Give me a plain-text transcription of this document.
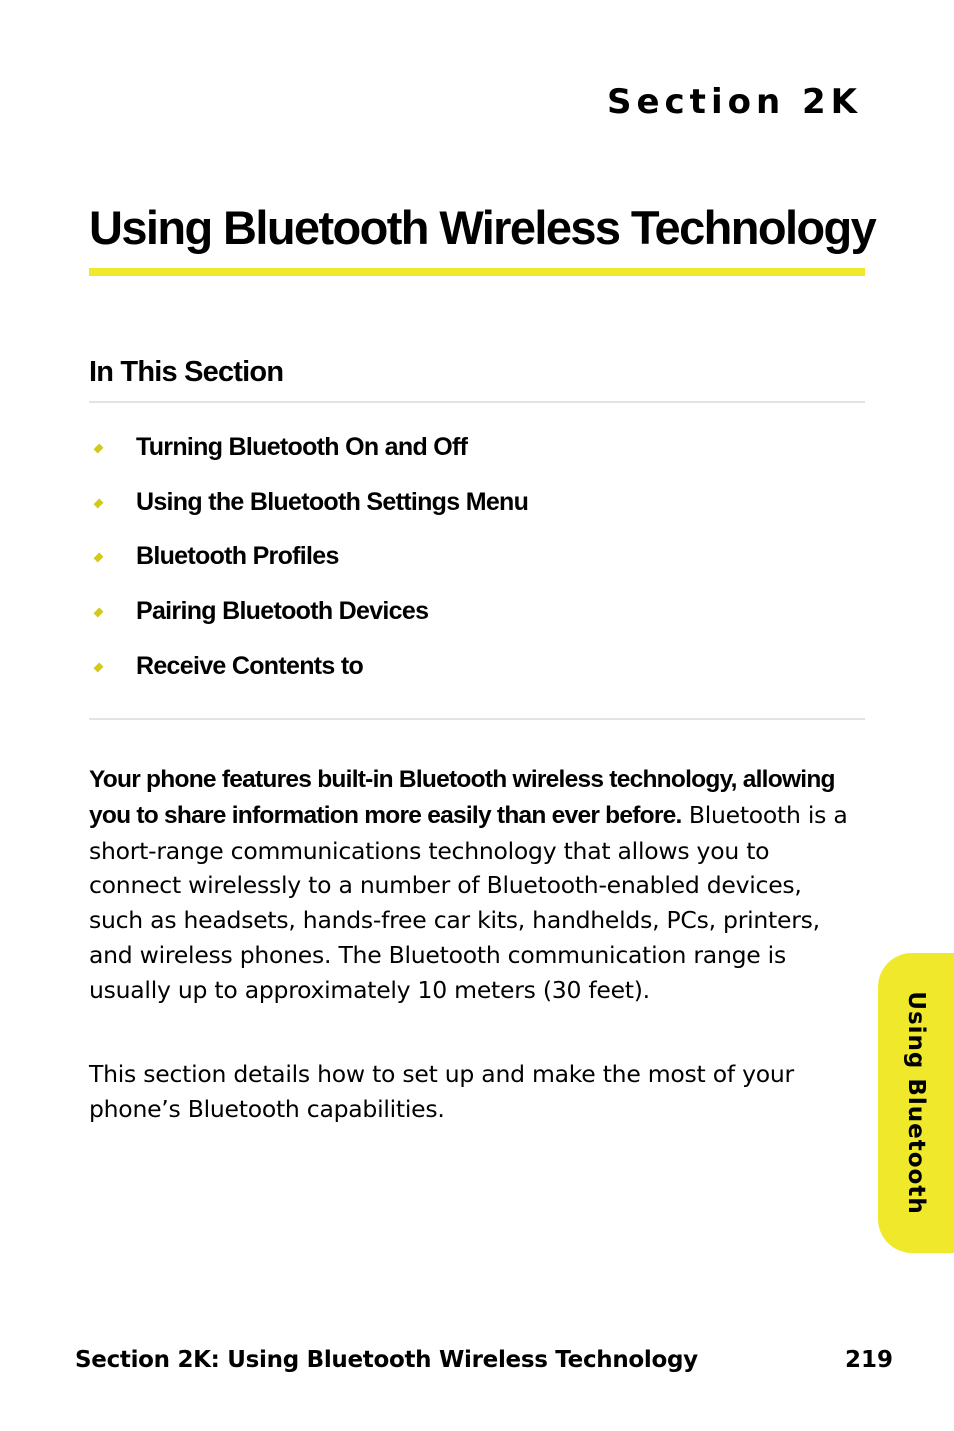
Section 2K
Using Bluetooth Wireless Technology
In This Section
Turning Bluetooth On and Off
Using the Bluetooth Settings Menu
Bluetooth Profiles
Pairing Bluetooth Devices
Receive Contents to

Your phone features built-in Bluetooth wireless technology, allowing you to share information more easily than ever before. Bluetooth is a short-range communications technology that allows you to connect wirelessly to a number of Bluetooth-enabled devices, such as headsets, hands-free car kits, handhelds, PCs, printers, and wireless phones. The Bluetooth communication range is usually up to approximately 10 meters (30 feet).

This section details how to set up and make the most of your phone’s Bluetooth capabilities.	Using Bluetooth

Section 2K: Using Bluetooth Wireless Technology	219
